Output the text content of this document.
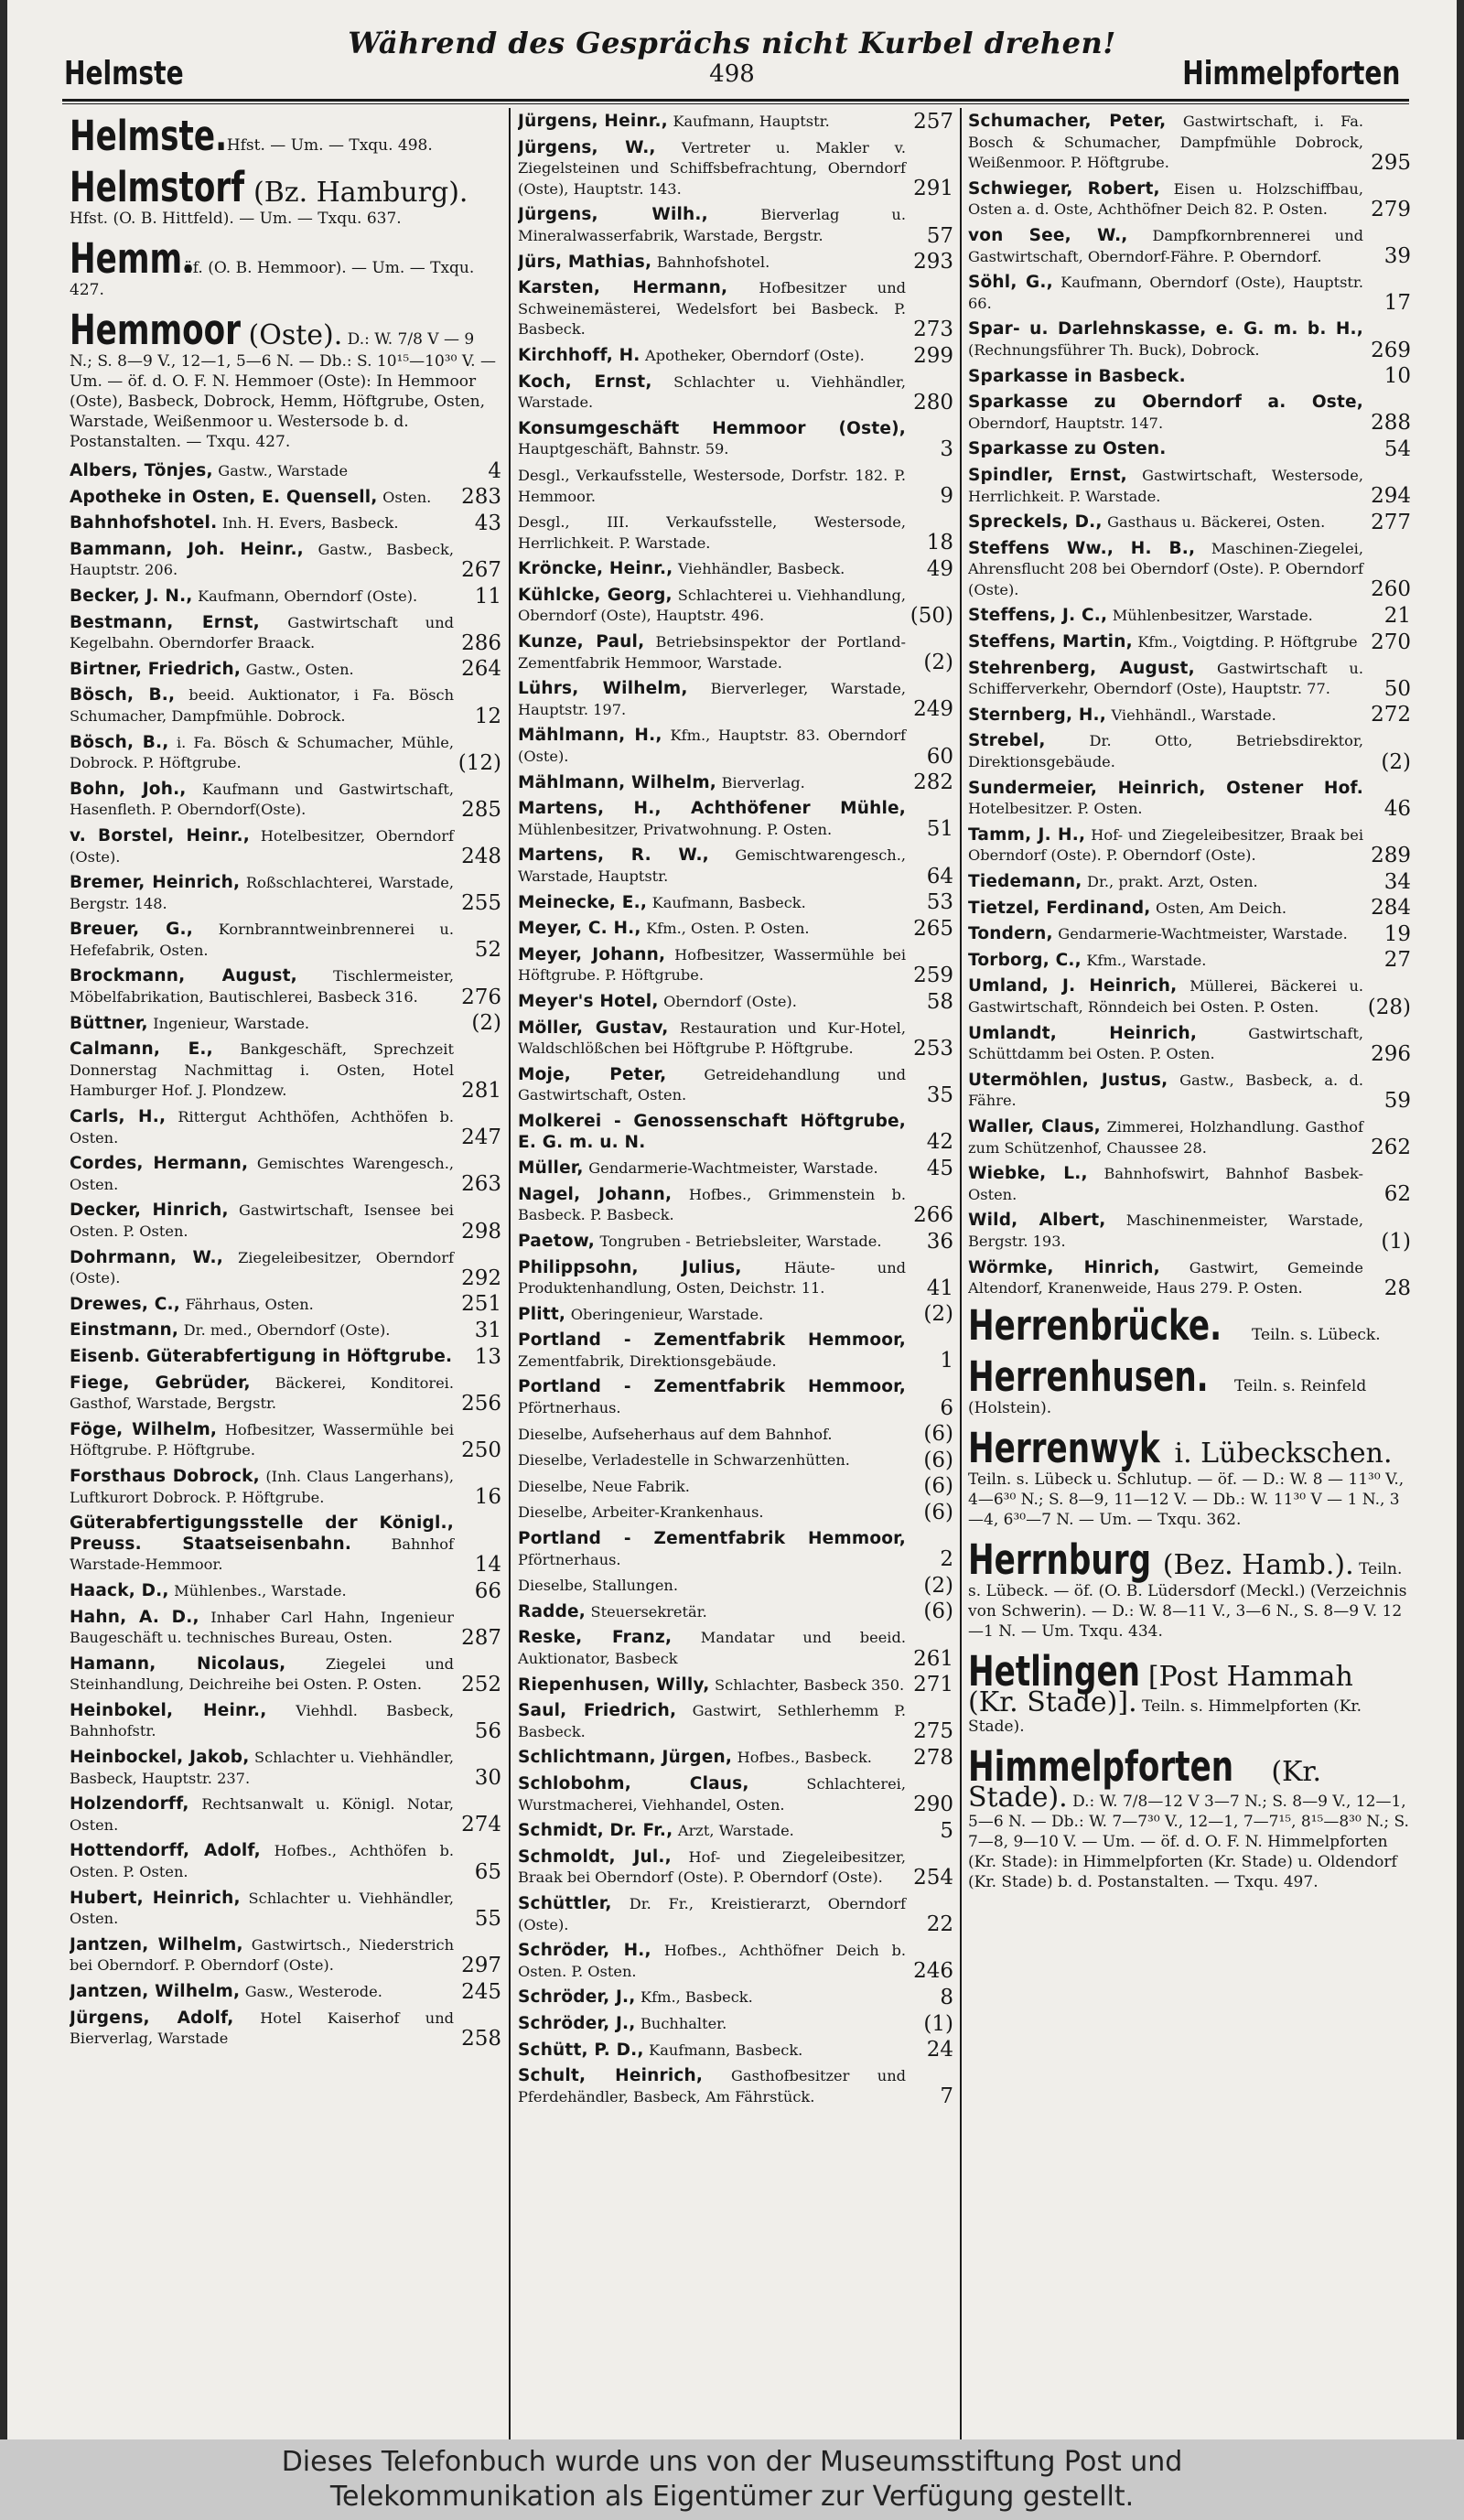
Während des Gesprächs nicht Kurbel drehen!
Helmste	498	Himmelpforten
Helmste. Hfst. — Um. — Txqu. 498.
Helmstorf (Bz. Hamburg). Hfst. (O. B. Hittfeld). — Um. — Txqu. 637.
Hemm. öf. (O. B. Hemmoor). — Um. — Txqu. 427.
Hemmoor (Oste). D.: W. 7/8 V — 9 N.; S. 8—9 V., 12—1, 5—6 N. — Db.: S. 10¹⁵—10³⁰ V. — Um. — öf. d. O. F. N. Hemmoer (Oste): In Hemmoor (Oste), Basbeck, Dobrock, Hemm, Höftgrube, Osten, Warstade, Weißenmoor u. Westersode b. d. Postanstalten. — Txqu. 427.
Albers, Tönjes, Gastw., Warstade	4
Apotheke in Osten, E. Quensell, Osten. 283
Bahnhofshotel. Inh. H. Evers, Basbeck.	43
Bammann, Joh. Heinr., Gastw., Basbeck, Hauptstr. 206.	267
Becker, J. N., Kaufmann, Oberndorf (Oste).	11
Bestmann, Ernst, Gastwirtschaft und Kegelbahn. Oberndorfer Braack.	286
Birtner, Friedrich, Gastw., Osten.	264
Bösch, B., beeid. Auktionator, i Fa. Bösch Schumacher, Dampfmühle. Dobrock.	12
Bösch, B., i. Fa. Bösch & Schumacher, Mühle, Dobrock. P. Höftgrube.	(12)
Bohn, Joh., Kaufmann und Gastwirtschaft, Hasenfleth. P. Oberndorf(Oste).	285
v. Borstel, Heinr., Hotelbesitzer, Oberndorf (Oste).	248
Bremer, Heinrich, Roßschlachterei, Warstade, Bergstr. 148.	255
Breuer, G., Kornbranntweinbrennerei u. Hefefabrik, Osten.	52
Brockmann, August, Tischlermeister, Möbelfabrikation, Bautischlerei, Basbeck 316. 276
Büttner, Ingenieur, Warstade.	(2)
Calmann, E., Bankgeschäft, Sprechzeit Donnerstag Nachmittag i. Osten, Hotel Hamburger Hof. J. Plondzew.	281
Carls, H., Rittergut Achthöfen, Achthöfen b. Osten.	247
Cordes, Hermann, Gemischtes Warengesch., Osten.	263
Decker, Hinrich, Gastwirtschaft, Isensee bei Osten. P. Osten.	298
Dohrmann, W., Ziegeleibesitzer, Oberndorf (Oste).	292
Drewes, C., Fährhaus, Osten.	251
Einstmann, Dr. med., Oberndorf (Oste).	31
Eisenb. Güterabfertigung in Höftgrube. 13
Fiege, Gebrüder, Bäckerei, Konditorei. Gasthof, Warstade, Bergstr.	256
Föge, Wilhelm, Hofbesitzer, Wassermühle bei Höftgrube. P. Höftgrube.	250
Forsthaus Dobrock, (Inh. Claus Langerhans), Luftkurort Dobrock. P. Höftgrube.	16
Güterabfertigungsstelle der Königl., Preuss. Staatseisenbahn.	Bahnhof Warstade-Hemmoor.	14
Haack, D., Mühlenbes., Warstade.	66
Hahn, A. D., Inhaber Carl Hahn, Ingenieur Baugeschäft u. technisches Bureau, Osten.	287
Hamann, Nicolaus,	Ziegelei und Steinhandlung, Deichreihe bei Osten. P. Osten. 252
Heinbokel, Heinr., Viehhdl. Basbeck, Bahnhofstr.	56
Heinbockel, Jakob, Schlachter u. Viehhändler, Basbeck, Hauptstr. 237.	30
Holzendorff, Rechtsanwalt u. Königl. Notar, Osten.	274
Hottendorff, Adolf, Hofbes., Achthöfen b. Osten. P. Osten.	65
Hubert, Heinrich, Schlachter u. Viehhändler, Osten.	55
Jantzen, Wilhelm, Gastwirtsch., Niederstrich bei Oberndorf. P. Oberndorf (Oste).	297
Jantzen, Wilhelm, Gasw., Westerode.	245
Jürgens, Adolf, Hotel Kaiserhof und Bierverlag, Warstade	258
Jürgens, Heinr., Kaufmann, Hauptstr.	257
Jürgens, W., Vertreter u. Makler v. Ziegelsteinen und Schiffsbefrachtung, Oberndorf (Oste), Hauptstr. 143.	291
Jürgens, Wilh.,	Bierverlag u. Mineralwasserfabrik, Warstade, Bergstr.	57
Jürs, Mathias, Bahnhofshotel.	293
Karsten, Hermann, Hofbesitzer und Schweinemästerei, Wedelsfort bei Basbeck. P. Basbeck.	273
Kirchhoff, H. Apotheker, Oberndorf (Oste). 299
Koch, Ernst, Schlachter u. Viehhändler, Warstade.	280
Konsumgeschäft Hemmoor (Oste), Hauptgeschäft, Bahnstr. 59.	3
Desgl., Verkaufsstelle, Westersode, Dorfstr. 182. P. Hemmoor.	9
Desgl., III. Verkaufsstelle, Westersode, Herrlichkeit. P. Warstade.	18
Kröncke, Heinr., Viehhändler, Basbeck.	49
Kühlcke, Georg, Schlachterei u. Viehhandlung, Oberndorf (Oste), Hauptstr. 496.	(50)
Kunze, Paul, Betriebsinspektor der Portland-Zementfabrik Hemmoor, Warstade.	(2)
Lührs, Wilhelm, Bierverleger, Warstade, Hauptstr. 197.	249
Mählmann, H., Kfm., Hauptstr. 83. Oberndorf (Oste).	60
Mählmann, Wilhelm, Bierverlag.	282
Martens, H., Achthöfener Mühle, Mühlenbesitzer, Privatwohnung. P. Osten.	51
Martens, R. W., Gemischtwarengesch., Warstade, Hauptstr.	64
Meinecke, E., Kaufmann, Basbeck.	53
Meyer, C. H., Kfm., Osten. P. Osten.	265
Meyer, Johann, Hofbesitzer, Wassermühle bei Höftgrube. P. Höftgrube.	259
Meyer's Hotel, Oberndorf (Oste).	58
Möller, Gustav, Restauration und Kur-Hotel, Waldschlößchen bei Höftgrube P. Höftgrube.	253
Moje, Peter,	Getreidehandlung und Gastwirtschaft, Osten.	35
Molkerei - Genossenschaft Höftgrube, E. G. m. u. N.	42
Müller, Gendarmerie-Wachtmeister, Warstade. 45
Nagel, Johann, Hofbes., Grimmenstein b. Basbeck. P. Basbeck.	266
Paetow, Tongruben - Betriebsleiter, Warstade. 36
Philippsohn, Julius,	Häute- und Produktenhandlung, Osten, Deichstr. 11.	41
Plitt, Oberingenieur, Warstade.	(2)
Portland - Zementfabrik Hemmoor, Zementfabrik, Direktionsgebäude.	1
Portland - Zementfabrik Hemmoor, Pförtnerhaus.	6
Dieselbe, Aufseherhaus auf dem Bahnhof.	(6)
Dieselbe, Verladestelle in Schwarzenhütten.	(6)
Dieselbe, Neue Fabrik.	(6)
Dieselbe, Arbeiter-Krankenhaus.	(6)
Portland - Zementfabrik Hemmoor, Pförtnerhaus.	2
Dieselbe, Stallungen.	(2)
Radde, Steuersekretär.	(6)
Reske, Franz, Mandatar und beeid. Auktionator, Basbeck	261
Riepenhusen, Willy, Schlachter, Basbeck 350. 271
Saul, Friedrich, Gastwirt, Sethlerhemm P. Basbeck.	275
Schlichtmann, Jürgen, Hofbes., Basbeck. 278
Schlobohm, Claus,	Schlachterei, Wurstmacherei, Viehhandel, Osten.	290
Schmidt, Dr. Fr., Arzt, Warstade.	5
Schmoldt, Jul., Hof- und Ziegeleibesitzer, Braak bei Oberndorf (Oste). P. Oberndorf (Oste). 254
Schüttler, Dr. Fr., Kreistierarzt, Oberndorf (Oste).	22
Schröder, H., Hofbes., Achthöfner Deich b. Osten. P. Osten.	246
Schröder, J., Kfm., Basbeck.	8
Schröder, J., Buchhalter.	(1)
Schütt, P. D., Kaufmann, Basbeck.	24
Schult, Heinrich, Gasthofbesitzer und Pferdehändler, Basbeck, Am Fährstück.	7
Schumacher, Peter, Gastwirtschaft, i. Fa. Bosch & Schumacher, Dampfmühle Dobrock, Weißenmoor. P. Höftgrube.	295
Schwieger, Robert, Eisen u. Holzschiffbau, Osten a. d. Oste, Achthöfner Deich 82. P. Osten. 279
von See, W., Dampfkornbrennerei und Gastwirtschaft, Oberndorf-Fähre. P. Oberndorf.	39
Söhl, G., Kaufmann, Oberndorf (Oste), Hauptstr. 66.	17
Spar- u. Darlehnskasse, e. G. m. b. H., (Rechnungsführer Th. Buck), Dobrock.	269
Sparkasse in Basbeck.	10
Sparkasse zu Oberndorf a. Oste, Oberndorf, Hauptstr. 147.	288
Sparkasse zu Osten.	54
Spindler, Ernst, Gastwirtschaft, Westersode, Herrlichkeit. P. Warstade.	294
Spreckels, D., Gasthaus u. Bäckerei, Osten. 277
Steffens Ww., H. B., Maschinen-Ziegelei, Ahrensflucht 208 bei Oberndorf (Oste). P. Oberndorf (Oste).	260
Steffens, J. C., Mühlenbesitzer, Warstade.	21
Steffens, Martin, Kfm., Voigtding. P. Höftgrube 270
Stehrenberg, August, Gastwirtschaft u. Schifferverkehr, Oberndorf (Oste), Hauptstr. 77.	50
Sternberg, H., Viehhändl., Warstade.	272
Strebel,	Dr. Otto, Betriebsdirektor, Direktionsgebäude.	(2)
Sundermeier, Heinrich, Ostener Hof. Hotelbesitzer. P. Osten.	46
Tamm, J. H., Hof- und Ziegeleibesitzer, Braak bei Oberndorf (Oste). P. Oberndorf (Oste).	289
Tiedemann, Dr., prakt. Arzt, Osten.	34
Tietzel, Ferdinand, Osten, Am Deich.	284
Tondern, Gendarmerie-Wachtmeister, Warstade. 19
Torborg, C., Kfm., Warstade.	27
Umland, J. Heinrich, Müllerei, Bäckerei u. Gastwirtschaft, Rönndeich bei Osten. P. Osten. (28)
Umlandt, Heinrich,	Gastwirtschaft, Schüttdamm bei Osten. P. Osten.	296
Utermöhlen, Justus, Gastw., Basbeck, a. d. Fähre.	59
Waller, Claus, Zimmerei, Holzhandlung. Gasthof zum Schützenhof, Chaussee 28.	262
Wiebke, L., Bahnhofswirt, Bahnhof Basbek-Osten.	62
Wild, Albert, Maschinenmeister, Warstade, Bergstr. 193.	(1)
Wörmke, Hinrich, Gastwirt, Gemeinde Altendorf, Kranenweide, Haus 279. P. Osten.	28
Herrenbrücke. Teiln. s. Lübeck.
Herrenhusen. Teiln. s. Reinfeld (Holstein).
Herrenwyk i. Lübeckschen. Teiln. s. Lübeck u. Schlutup. — öf. — D.: W. 8 — 11³⁰ V., 4—6³⁰ N.; S. 8—9, 11—12 V. — Db.: W. 11³⁰ V — 1 N., 3—4, 6³⁰—7 N. — Um. — Txqu. 362.
Herrnburg (Bez. Hamb.). Teiln. s. Lübeck. — öf. (O. B. Lüdersdorf (Meckl.) (Verzeichnis von Schwerin). — D.: W. 8—11 V., 3—6 N., S. 8—9 V. 12—1 N. — Um. Txqu. 434.
Hetlingen [Post Hammah (Kr. Stade)]. Teiln. s. Himmelpforten (Kr. Stade).
Himmelpforten (Kr. Stade). D.: W. 7/8—12 V 3—7 N.; S. 8—9 V., 12—1, 5—6 N. — Db.: W. 7—7³⁰ V., 12—1, 7—7¹⁵, 8¹⁵—8³⁰ N.; S. 7—8, 9—10 V. — Um. — öf. d. O. F. N. Himmelpforten (Kr. Stade): in Himmelpforten (Kr. Stade) u. Oldendorf (Kr. Stade) b. d. Postanstalten. — Txqu. 497.
Dieses Telefonbuch wurde uns von der Museumsstiftung Post und
Telekommunikation als Eigentümer zur Verfügung gestellt.
